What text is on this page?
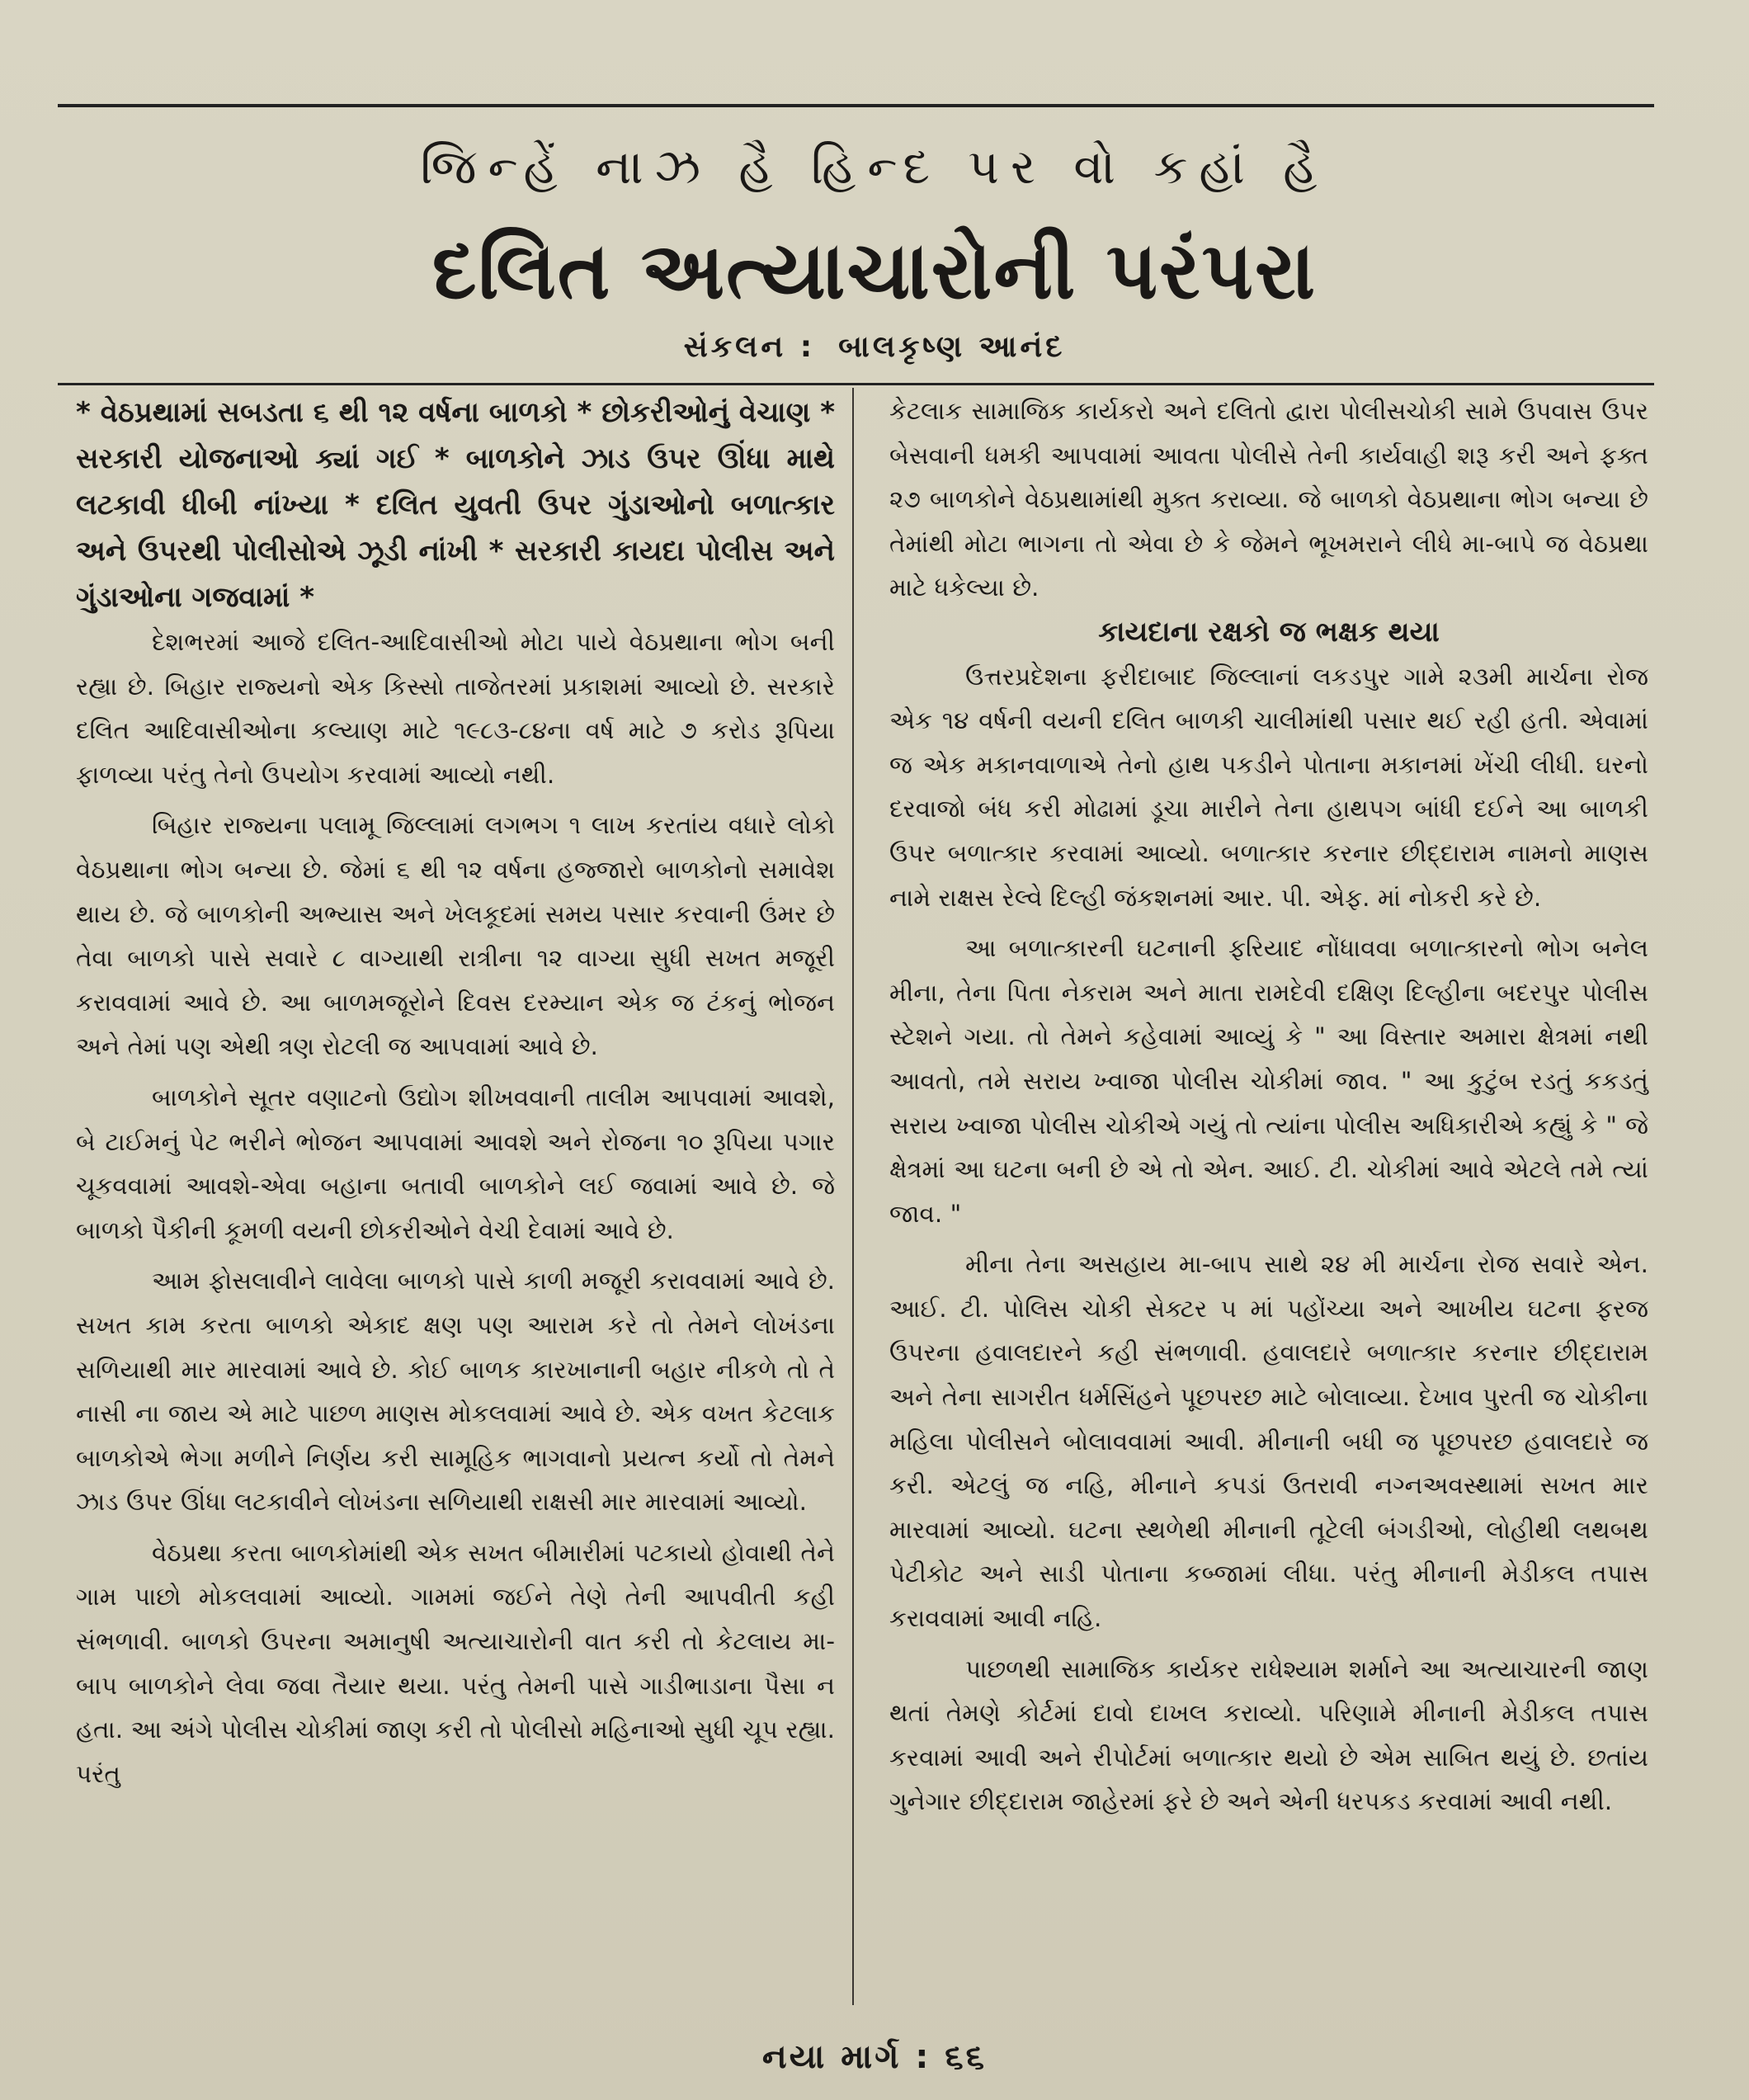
જિન્હેં નાઝ હૈ હિન્દ પર વો કહાં હૈ
દલિત અત્યાચારોની પરંપરા
સંકલન : બાલકૃષ્ણ આનંદ

* વેઠપ્રથામાં સબડતા ૬ થી ૧૨ વર્ષના બાળકો * છોકરીઓનું વેચાણ * સરકારી યોજનાઓ ક્યાં ગઈ * બાળકોને ઝાડ ઉપર ઊંધા માથે લટકાવી ધીબી નાંખ્યા * દલિત યુવતી ઉપર ગુંડાઓનો બળાત્કાર અને ઉપરથી પોલીસોએ ઝૂડી નાંખી * સરકારી કાયદા પોલીસ અને ગુંડાઓના ગજવામાં *

દેશભરમાં આજે દલિત-આદિવાસીઓ મોટા પાયે વેઠપ્રથાના ભોગ બની રહ્યા છે. બિહાર રાજ્યનો એક કિસ્સો તાજેતરમાં પ્રકાશમાં આવ્યો છે. સરકારે દલિત આદિવાસીઓના કલ્યાણ માટે ૧૯૮૩-૮૪ના વર્ષ માટે ૭ કરોડ રૂપિયા ફાળવ્યા પરંતુ તેનો ઉપયોગ કરવામાં આવ્યો નથી.

બિહાર રાજ્યના પલામૂ જિલ્લામાં લગભગ ૧ લાખ કરતાંય વધારે લોકો વેઠપ્રથાના ભોગ બન્યા છે. જેમાં ૬ થી ૧૨ વર્ષના હજ્જારો બાળકોનો સમાવેશ થાય છે. જે બાળકોની અભ્યાસ અને ખેલકૂદમાં સમય પસાર કરવાની ઉંમર છે તેવા બાળકો પાસે સવારે ૮ વાગ્યાથી રાત્રીના ૧૨ વાગ્યા સુધી સખત મજૂરી કરાવવામાં આવે છે. આ બાળમજૂરોને દિવસ દરમ્યાન એક જ ટંકનું ભોજન અને તેમાં પણ એથી ત્રણ રોટલી જ આપવામાં આવે છે.

બાળકોને સૂતર વણાટનો ઉદ્યોગ શીખવવાની તાલીમ આપવામાં આવશે, બે ટાઈમનું પેટ ભરીને ભોજન આપવામાં આવશે અને રોજના ૧૦ રૂપિયા પગાર ચૂકવવામાં આવશે-એવા બહાના બતાવી બાળકોને લઈ જવામાં આવે છે. જે બાળકો પૈકીની કૂમળી વયની છોકરીઓને વેચી દેવામાં આવે છે.

આમ ફોસલાવીને લાવેલા બાળકો પાસે કાળી મજૂરી કરાવવામાં આવે છે. સખત કામ કરતા બાળકો એકાદ ક્ષણ પણ આરામ કરે તો તેમને લોખંડના સળિયાથી માર મારવામાં આવે છે. કોઈ બાળક કારખાનાની બહાર નીકળે તો તે નાસી ના જાય એ માટે પાછળ માણસ મોકલવામાં આવે છે. એક વખત કેટલાક બાળકોએ ભેગા મળીને નિર્ણય કરી સામૂહિક ભાગવાનો પ્રયત્ન કર્યો તો તેમને ઝાડ ઉપર ઊંધા લટકાવીને લોખંડના સળિયાથી રાક્ષસી માર મારવામાં આવ્યો.

વેઠપ્રથા કરતા બાળકોમાંથી એક સખત બીમારીમાં પટકાયો હોવાથી તેને ગામ પાછો મોકલવામાં આવ્યો. ગામમાં જઈને તેણે તેની આપવીતી કહી સંભળાવી. બાળકો ઉપરના અમાનુષી અત્યાચારોની વાત કરી તો કેટલાય મા-બાપ બાળકોને લેવા જવા તૈયાર થયા. પરંતુ તેમની પાસે ગાડીભાડાના પૈસા ન હતા. આ અંગે પોલીસ ચોકીમાં જાણ કરી તો પોલીસો મહિનાઓ સુધી ચૂપ રહ્યા. પરંતુ

કેટલાક સામાજિક કાર્યકરો અને દલિતો દ્વારા પોલીસચોકી સામે ઉપવાસ ઉપર બેસવાની ધમકી આપવામાં આવતા પોલીસે તેની કાર્યવાહી શરૂ કરી અને ફક્ત ૨૭ બાળકોને વેઠપ્રથામાંથી મુક્ત કરાવ્યા. જે બાળકો વેઠપ્રથાના ભોગ બન્યા છે તેમાંથી મોટા ભાગના તો એવા છે કે જેમને ભૂખમરાને લીધે મા-બાપે જ વેઠપ્રથા માટે ધકેલ્યા છે.

કાયદાના રક્ષકો જ ભક્ષક થયા

ઉત્તરપ્રદેશના ફરીદાબાદ જિલ્લાનાં લકડપુર ગામે ૨૩મી માર્ચના રોજ એક ૧૪ વર્ષની વયની દલિત બાળકી ચાલીમાંથી પસાર થઈ રહી હતી. એવામાં જ એક મકાનવાળાએ તેનો હાથ પકડીને પોતાના મકાનમાં ખેંચી લીધી. ઘરનો દરવાજો બંધ કરી મોઢામાં ડૂચા મારીને તેના હાથપગ બાંધી દઈને આ બાળકી ઉપર બળાત્કાર કરવામાં આવ્યો. બળાત્કાર કરનાર છીદ્દારામ નામનો માણસ નામે રાક્ષસ રેલ્વે દિલ્હી જંકશનમાં આર. પી. એફ. માં નોકરી કરે છે.

આ બળાત્કારની ઘટનાની ફરિયાદ નોંધાવવા બળાત્કારનો ભોગ બનેલ મીના, તેના પિતા નેકરામ અને માતા રામદેવી દક્ષિણ દિલ્હીના બદરપુર પોલીસ સ્ટેશને ગયા. તો તેમને કહેવામાં આવ્યું કે " આ વિસ્તાર અમારા ક્ષેત્રમાં નથી આવતો, તમે સરાય ખ્વાજા પોલીસ ચોકીમાં જાવ. " આ કુટુંબ રડતું કકડતું સરાય ખ્વાજા પોલીસ ચોકીએ ગયું તો ત્યાંના પોલીસ અધિકારીએ કહ્યું કે " જે ક્ષેત્રમાં આ ઘટના બની છે એ તો એન. આઈ. ટી. ચોકીમાં આવે એટલે તમે ત્યાં જાવ. "

મીના તેના અસહાય મા-બાપ સાથે ૨૪ મી માર્ચના રોજ સવારે એન. આઈ. ટી. પોલિસ ચોકી સેક્ટર ૫ માં પહોંચ્યા અને આખીય ઘટના ફરજ ઉપરના હવાલદારને કહી સંભળાવી. હવાલદારે બળાત્કાર કરનાર છીદ્દારામ અને તેના સાગરીત ધર્મસિંહને પૂછપરછ માટે બોલાવ્યા. દેખાવ પુરતી જ ચોકીના મહિલા પોલીસને બોલાવવામાં આવી. મીનાની બધી જ પૂછપરછ હવાલદારે જ કરી. એટલું જ નહિ, મીનાને કપડાં ઉતરાવી નગ્નઅવસ્થામાં સખત માર મારવામાં આવ્યો. ઘટના સ્થળેથી મીનાની તૂટેલી બંગડીઓ, લોહીથી લથબથ પેટીકોટ અને સાડી પોતાના કબ્જામાં લીધા. પરંતુ મીનાની મેડીકલ તપાસ કરાવવામાં આવી નહિ.

પાછળથી સામાજિક કાર્યકર રાધેશ્યામ શર્માને આ અત્યાચારની જાણ થતાં તેમણે કોર્ટમાં દાવો દાખલ કરાવ્યો. પરિણામે મીનાની મેડીકલ તપાસ કરવામાં આવી અને રીપોર્ટમાં બળાત્કાર થયો છે એમ સાબિત થયું છે. છતાંય ગુનેગાર છીદ્દારામ જાહેરમાં ફરે છે અને એની ધરપકડ કરવામાં આવી નથી.

નયા માર્ગ : ૬૬
